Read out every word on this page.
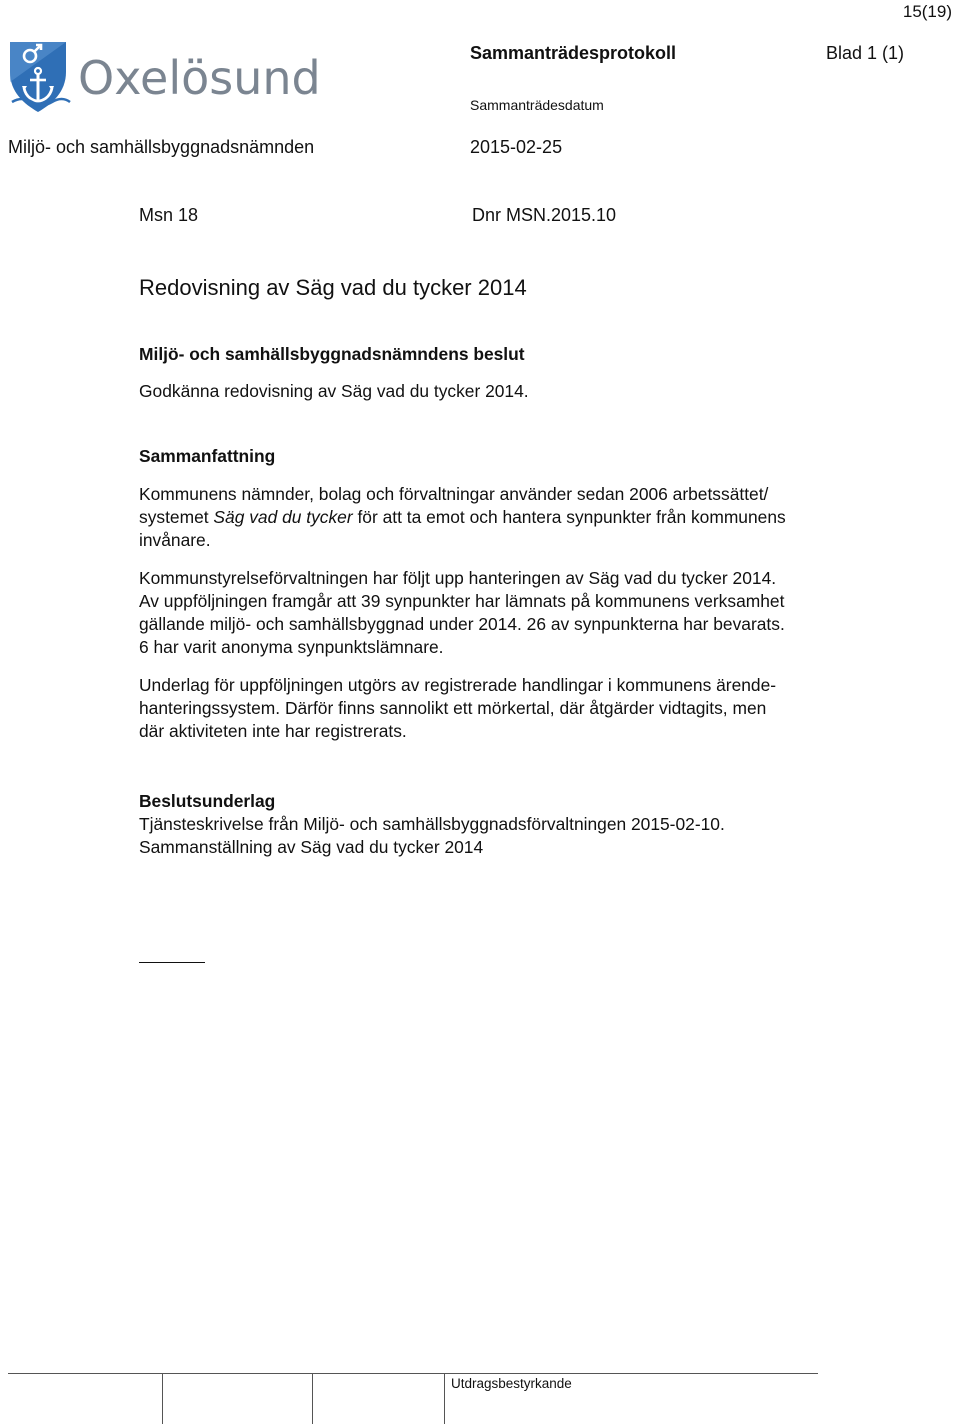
15(19)
Oxelösund	Sammanträdesprotokoll	Blad 1 (1)
Sammanträdesdatum
Miljö- och samhällsbyggnadsnämnden	2015-02-25
Msn 18	Dnr MSN.2015.10
Redovisning av Säg vad du tycker 2014
Miljö- och samhällsbyggnadsnämndens beslut
Godkänna redovisning av Säg vad du tycker 2014.
Sammanfattning
Kommunens nämnder, bolag och förvaltningar använder sedan 2006 arbetssättet/
systemet Säg vad du tycker för att ta emot och hantera synpunkter från kommunens
invånare.
Kommunstyrelseförvaltningen har följt upp hanteringen av Säg vad du tycker 2014.
Av uppföljningen framgår att 39 synpunkter har lämnats på kommunens verksamhet
gällande miljö- och samhällsbyggnad under 2014. 26 av synpunkterna har bevarats.
6 har varit anonyma synpunktslämnare.
Underlag för uppföljningen utgörs av registrerade handlingar i kommunens ärende-
hanteringssystem. Därför finns sannolikt ett mörkertal, där åtgärder vidtagits, men
där aktiviteten inte har registrerats.
Beslutsunderlag
Tjänsteskrivelse från Miljö- och samhällsbyggnadsförvaltningen 2015-02-10.
Sammanställning av Säg vad du tycker 2014
Utdragsbestyrkande
